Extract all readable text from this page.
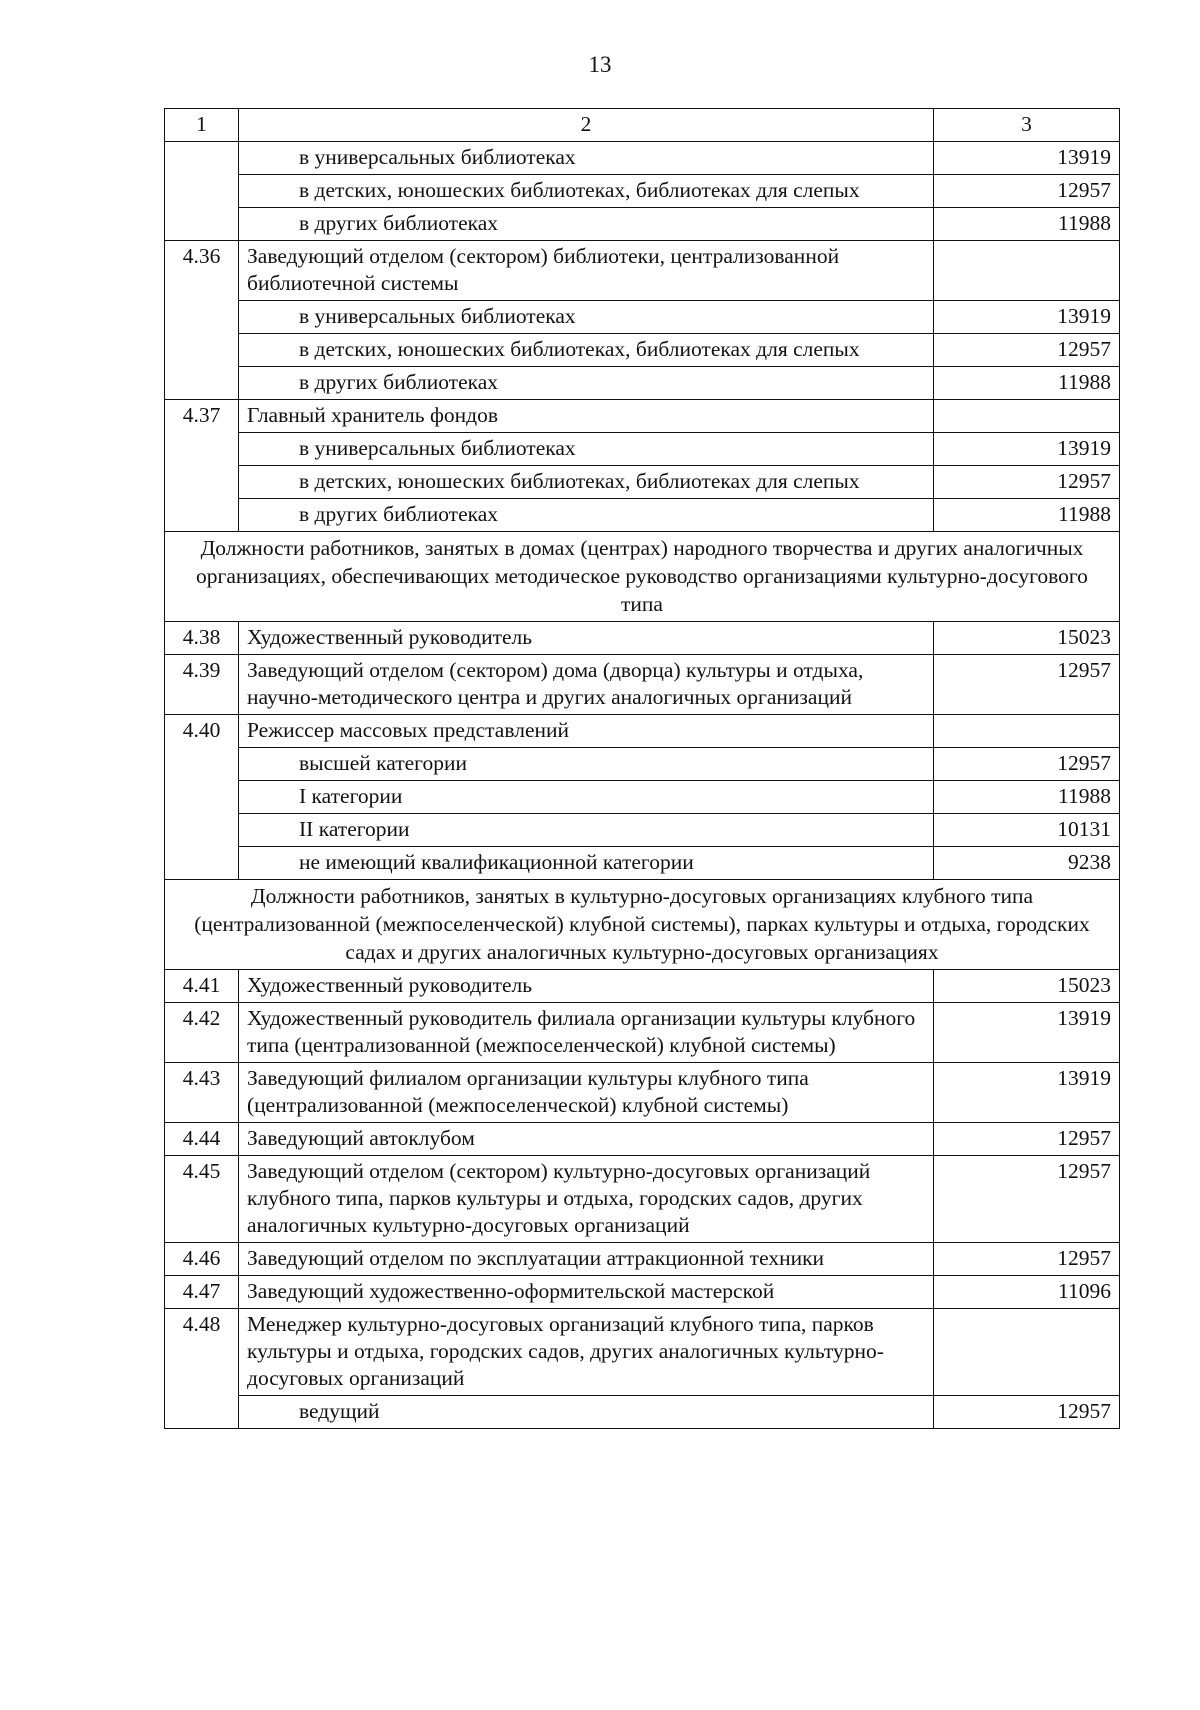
13
1	2	3
	в универсальных библиотеках	13919
	в детских, юношеских библиотеках, библиотеках для слепых	12957
	в других библиотеках	11988
4.36	Заведующий отделом (сектором) библиотеки, централизованной библиотечной системы	
	в универсальных библиотеках	13919
	в детских, юношеских библиотеках, библиотеках для слепых	12957
	в других библиотеках	11988
4.37	Главный хранитель фондов	
	в универсальных библиотеках	13919
	в детских, юношеских библиотеках, библиотеках для слепых	12957
	в других библиотеках	11988
Должности работников, занятых в домах (центрах) народного творчества и других аналогичных организациях, обеспечивающих методическое руководство организациями культурно-досугового типа		
4.38	Художественный руководитель	15023
4.39	Заведующий отделом (сектором) дома (дворца) культуры и отдыха, научно-методического центра и других аналогичных организаций	12957
4.40	Режиссер массовых представлений	
	высшей категории	12957
	I категории	11988
	II категории	10131
	не имеющий квалификационной категории	9238
Должности работников, занятых в культурно-досуговых организациях клубного типа (централизованной (межпоселенческой) клубной системы), парках культуры и отдыха, городских садах и других аналогичных культурно-досуговых организациях		
4.41	Художественный руководитель	15023
4.42	Художественный руководитель филиала организации культуры клубного типа (централизованной (межпоселенческой) клубной системы)	13919
4.43	Заведующий филиалом организации культуры клубного типа (централизованной (межпоселенческой) клубной системы)	13919
4.44	Заведующий автоклубом	12957
4.45	Заведующий отделом (сектором) культурно-досуговых организаций клубного типа, парков культуры и отдыха, городских садов, других аналогичных культурно-досуговых организаций	12957
4.46	Заведующий отделом по эксплуатации аттракционной техники	12957
4.47	Заведующий художественно-оформительской мастерской	11096
4.48	Менеджер культурно-досуговых организаций клубного типа, парков культуры и отдыха, городских садов, других аналогичных культурно-досуговых организаций	
	ведущий	12957
